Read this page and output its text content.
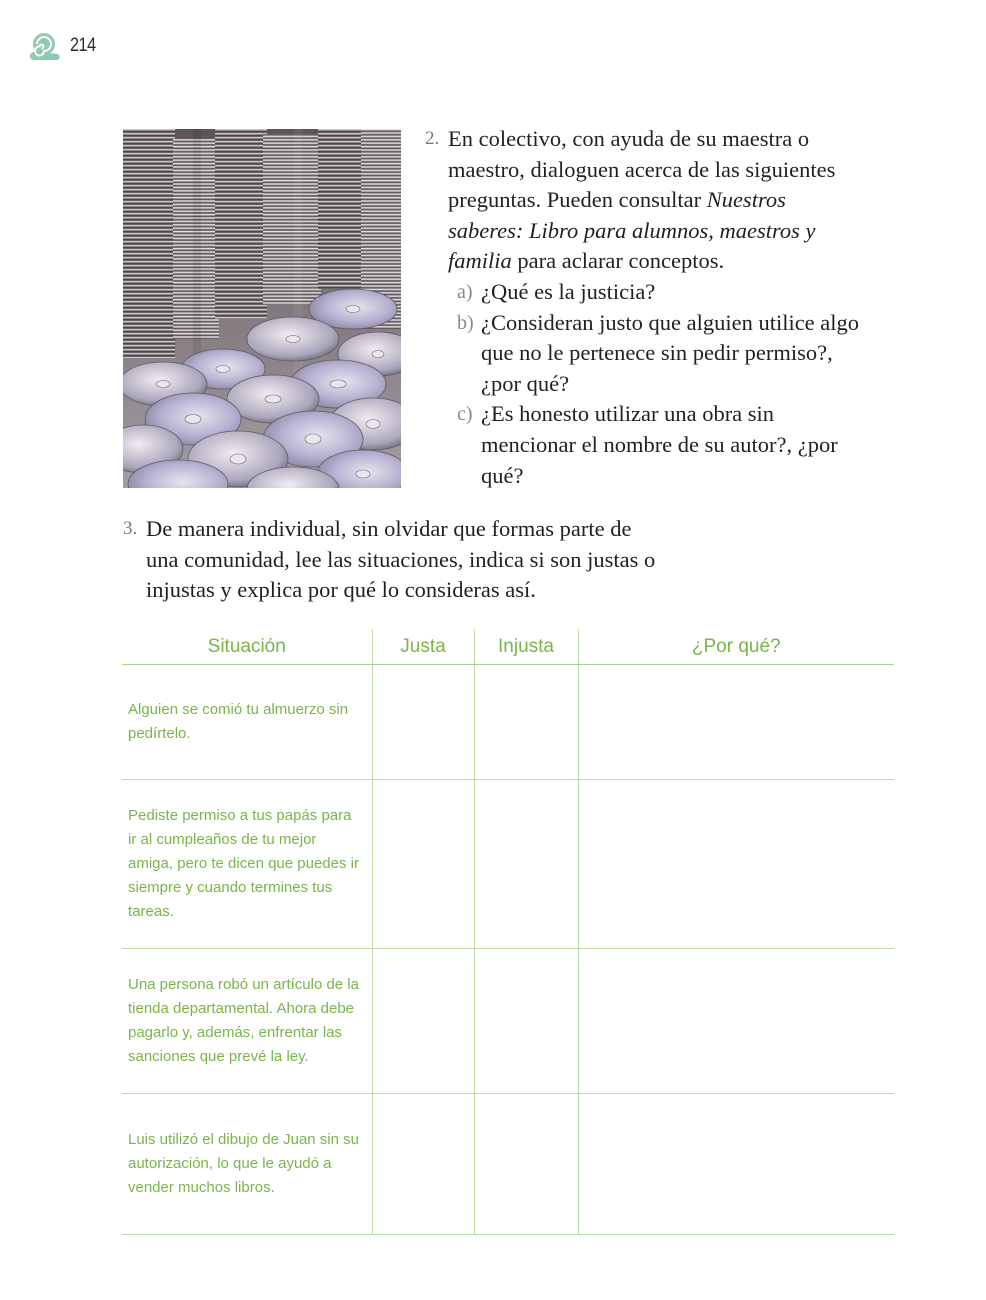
214
2. En colectivo, con ayuda de su maestra o maestro, dialoguen acerca de las siguientes preguntas. Pueden consultar Nuestros saberes: Libro para alumnos, maestros y familia para aclarar conceptos.
a) ¿Qué es la justicia?
b) ¿Consideran justo que alguien utilice algo que no le pertenece sin pedir permiso?, ¿por qué?
c) ¿Es honesto utilizar una obra sin mencionar el nombre de su autor?, ¿por qué?
3. De manera individual, sin olvidar que formas parte de una comunidad, lee las situaciones, indica si son justas o injustas y explica por qué lo consideras así.
Situación	Justa	Injusta	¿Por qué?
Alguien se comió tu almuerzo sin pedírtelo.			
Pediste permiso a tus papás para ir al cumpleaños de tu mejor amiga, pero te dicen que puedes ir siempre y cuando termines tus tareas.			
Una persona robó un artículo de la tienda departamental. Ahora debe pagarlo y, además, enfrentar las sanciones que prevé la ley.			
Luis utilizó el dibujo de Juan sin su autorización, lo que le ayudó a vender muchos libros.			
